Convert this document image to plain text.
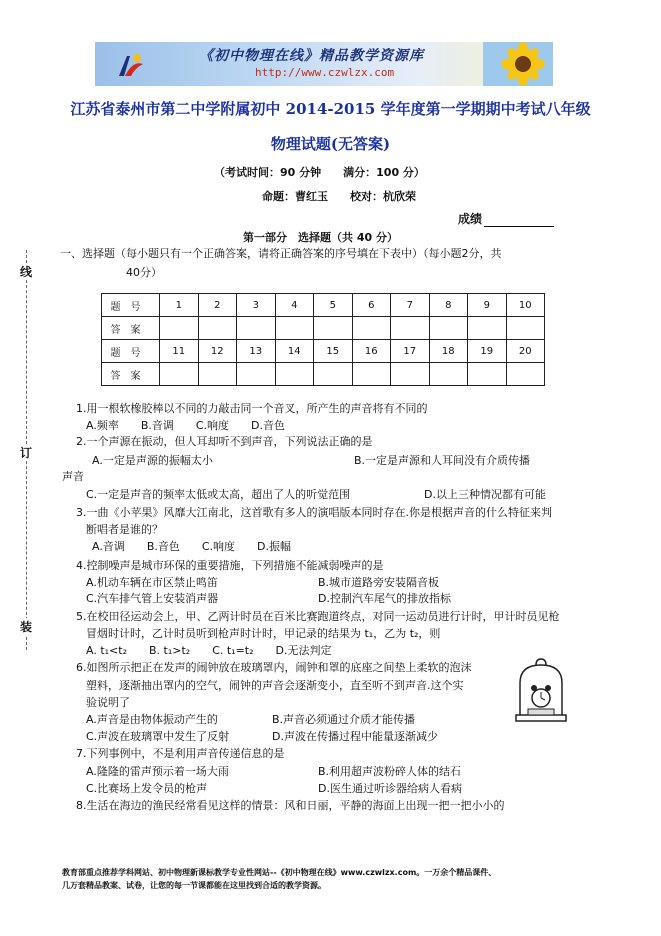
《初中物理在线》精品教学资源库
http://www.czwlzx.com
江苏省泰州市第二中学附属初中 2014-2015 学年度第一学期期中考试八年级
物理试题(无答案)
（考试时间：90 分钟　　满分：100 分）
命题：曹红玉　　校对：杭欣荣
成绩
线
订
装
第一部分　选择题（共 40 分）
一、选择题（每小题只有一个正确答案，请将正确答案的序号填在下表中）（每小题2分，共
40分）
题号	1	2	3	4	5	6	7	8	9	10
答案										
题号	11	12	13	14	15	16	17	18	19	20
答案										
1.用一根软橡胶棒以不同的力敲击同一个音叉，所产生的声音将有不同的
A.频率　　B.音调　　C.响度　　D.音色
2.一个声源在振动，但人耳却听不到声音，下列说法正确的是
A.一定是声源的振幅太小	B.一定是声源和人耳间没有介质传播
声音
C.一定是声音的频率太低或太高，超出了人的听觉范围	D.以上三种情况都有可能
3.一曲《小苹果》风靡大江南北，这首歌有多人的演唱版本同时存在.你是根据声音的什么特征来判
断唱者是谁的？
A.音调　　B.音色　　C.响度　　D.振幅
4.控制噪声是城市环保的重要措施，下列措施不能减弱噪声的是
A.机动车辆在市区禁止鸣笛	B.城市道路旁安装隔音板
C.汽车排气管上安装消声器	D.控制汽车尾气的排放指标
5.在校田径运动会上，甲、乙两计时员在百米比赛跑道终点，对同一运动员进行计时，甲计时员见枪
冒烟时计时，乙计时员听到枪声时计时，甲记录的结果为 t₁，乙为 t₂，则
A. t₁<t₂　　B. t₁>t₂　　C. t₁=t₂　　D.无法判定
6.如图所示把正在发声的闹钟放在玻璃罩内，闹钟和罩的底座之间垫上柔软的泡沫
塑料，逐渐抽出罩内的空气，闹钟的声音会逐渐变小，直至听不到声音.这个实
验说明了
A.声音是由物体振动产生的	B.声音必须通过介质才能传播
C.声波在玻璃罩中发生了反射	D.声波在传播过程中能量逐渐减少
7.下列事例中，不是利用声音传递信息的是
A.隆隆的雷声预示着一场大雨	B.利用超声波粉碎人体的结石
C.比赛场上发令员的枪声	D.医生通过听诊器给病人看病
8.生活在海边的渔民经常看见这样的情景：风和日丽，平静的海面上出现一把一把小小的
教育部重点推荐学科网站、初中物理新课标教学专业性网站--《初中物理在线》www.czwlzx.com。一万余个精品课件、
几万套精品教案、试卷，让您的每一节课都能在这里找到合适的教学资源。
